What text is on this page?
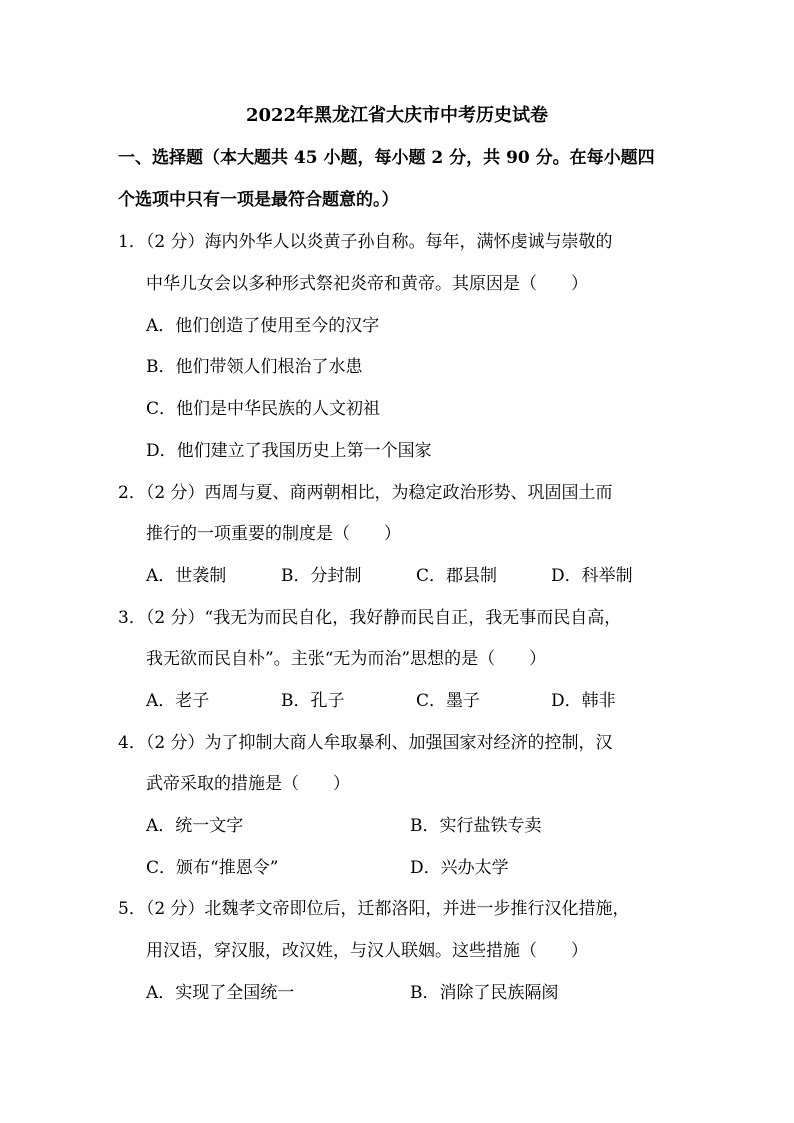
2022年黑龙江省大庆市中考历史试卷
一、选择题（本大题共 45 小题，每小题 2 分，共 90 分。在每小题四
个选项中只有一项是最符合题意的。）
1．（2 分）海内外华人以炎黄子孙自称。每年，满怀虔诚与崇敬的
中华儿女会以多种形式祭祀炎帝和黄帝。其原因是（　　）
A．他们创造了使用至今的汉字
B．他们带领人们根治了水患
C．他们是中华民族的人文初祖
D．他们建立了我国历史上第一个国家
2．（2 分）西周与夏、商两朝相比，为稳定政治形势、巩固国土而
推行的一项重要的制度是（　　）
A．世袭制	B．分封制	C．郡县制	D．科举制
3．（2 分）“我无为而民自化，我好静而民自正，我无事而民自高，
我无欲而民自朴”。主张“无为而治”思想的是（　　）
A．老子	B．孔子	C．墨子	D．韩非
4．（2 分）为了抑制大商人牟取暴利、加强国家对经济的控制，汉
武帝采取的措施是（　　）
A．统一文字	B．实行盐铁专卖
C．颁布“推恩令”	D．兴办太学
5．（2 分）北魏孝文帝即位后，迁都洛阳，并进一步推行汉化措施，
用汉语，穿汉服，改汉姓，与汉人联姻。这些措施（　　）
A．实现了全国统一	B．消除了民族隔阂
